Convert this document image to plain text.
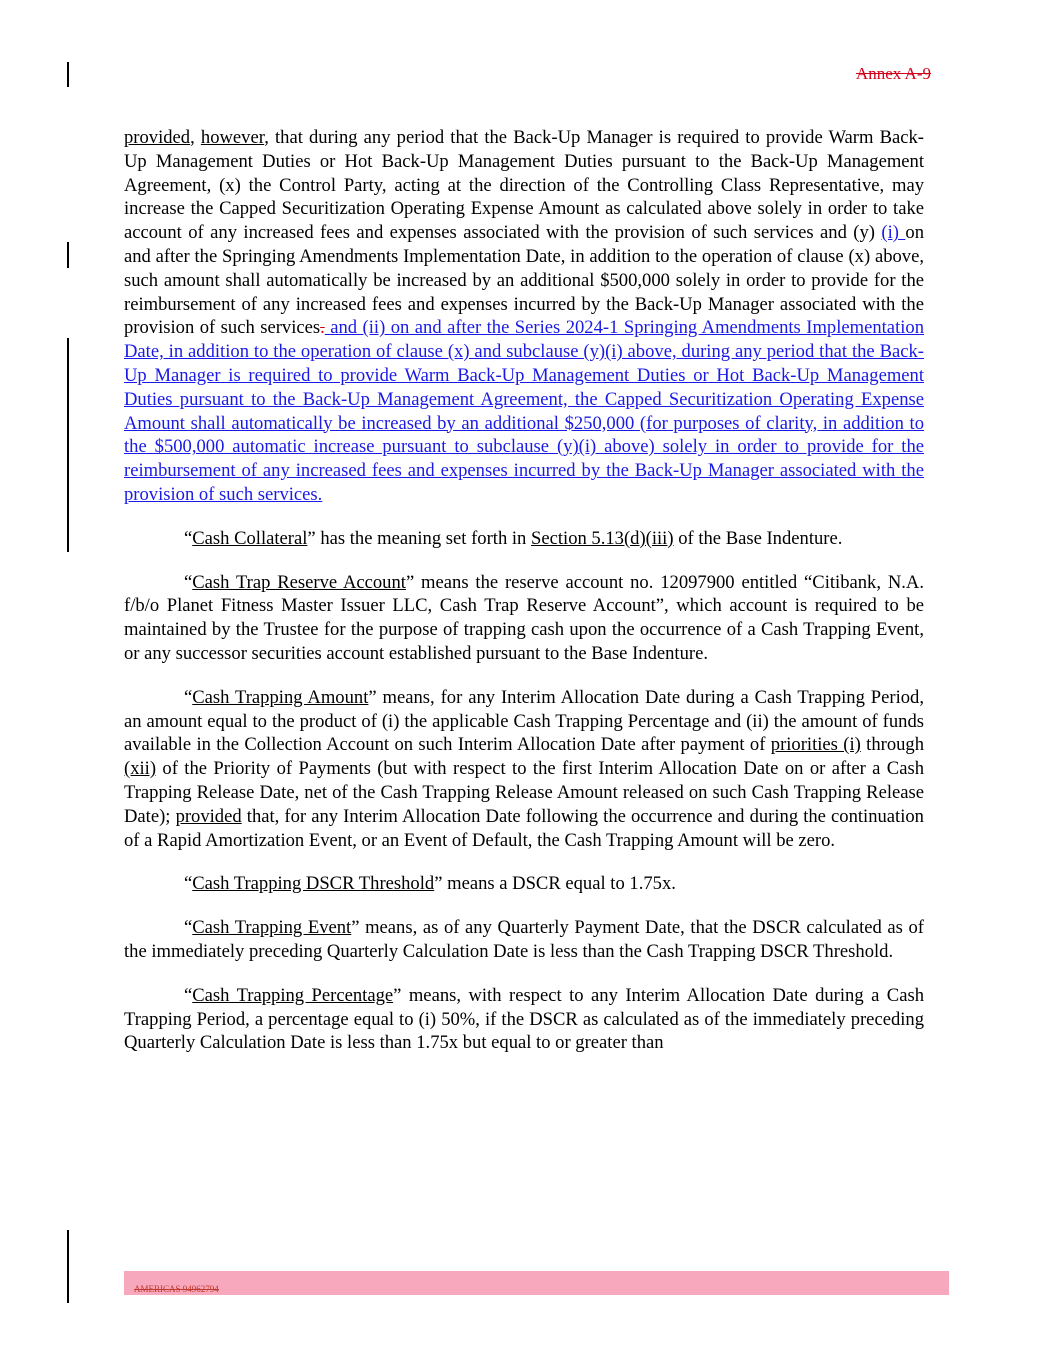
Annex A-9

provided, however, that during any period that the Back-Up Manager is required to provide Warm Back-Up Management Duties or Hot Back-Up Management Duties pursuant to the Back-Up Management Agreement, (x) the Control Party, acting at the direction of the Controlling Class Representative, may increase the Capped Securitization Operating Expense Amount as calculated above solely in order to take account of any increased fees and expenses associated with the provision of such services and (y) (i) on and after the Springing Amendments Implementation Date, in addition to the operation of clause (x) above, such amount shall automatically be increased by an additional $500,000 solely in order to provide for the reimbursement of any increased fees and expenses incurred by the Back-Up Manager associated with the provision of such services. and (ii) on and after the Series 2024-1 Springing Amendments Implementation Date, in addition to the operation of clause (x) and subclause (y)(i) above, during any period that the Back-Up Manager is required to provide Warm Back-Up Management Duties or Hot Back-Up Management Duties pursuant to the Back-Up Management Agreement, the Capped Securitization Operating Expense Amount shall automatically be increased by an additional $250,000 (for purposes of clarity, in addition to the $500,000 automatic increase pursuant to subclause (y)(i) above) solely in order to provide for the reimbursement of any increased fees and expenses incurred by the Back-Up Manager associated with the provision of such services.

“Cash Collateral” has the meaning set forth in Section 5.13(d)(iii) of the Base Indenture.

“Cash Trap Reserve Account” means the reserve account no. 12097900 entitled “Citibank, N.A. f/b/o Planet Fitness Master Issuer LLC, Cash Trap Reserve Account”, which account is required to be maintained by the Trustee for the purpose of trapping cash upon the occurrence of a Cash Trapping Event, or any successor securities account established pursuant to the Base Indenture.

“Cash Trapping Amount” means, for any Interim Allocation Date during a Cash Trapping Period, an amount equal to the product of (i) the applicable Cash Trapping Percentage and (ii) the amount of funds available in the Collection Account on such Interim Allocation Date after payment of priorities (i) through (xii) of the Priority of Payments (but with respect to the first Interim Allocation Date on or after a Cash Trapping Release Date, net of the Cash Trapping Release Amount released on such Cash Trapping Release Date); provided that, for any Interim Allocation Date following the occurrence and during the continuation of a Rapid Amortization Event, or an Event of Default, the Cash Trapping Amount will be zero.

“Cash Trapping DSCR Threshold” means a DSCR equal to 1.75x.

“Cash Trapping Event” means, as of any Quarterly Payment Date, that the DSCR calculated as of the immediately preceding Quarterly Calculation Date is less than the Cash Trapping DSCR Threshold.

“Cash Trapping Percentage” means, with respect to any Interim Allocation Date during a Cash Trapping Period, a percentage equal to (i) 50%, if the DSCR as calculated as of the immediately preceding Quarterly Calculation Date is less than 1.75x but equal to or greater than

AMERICAS 94962794
